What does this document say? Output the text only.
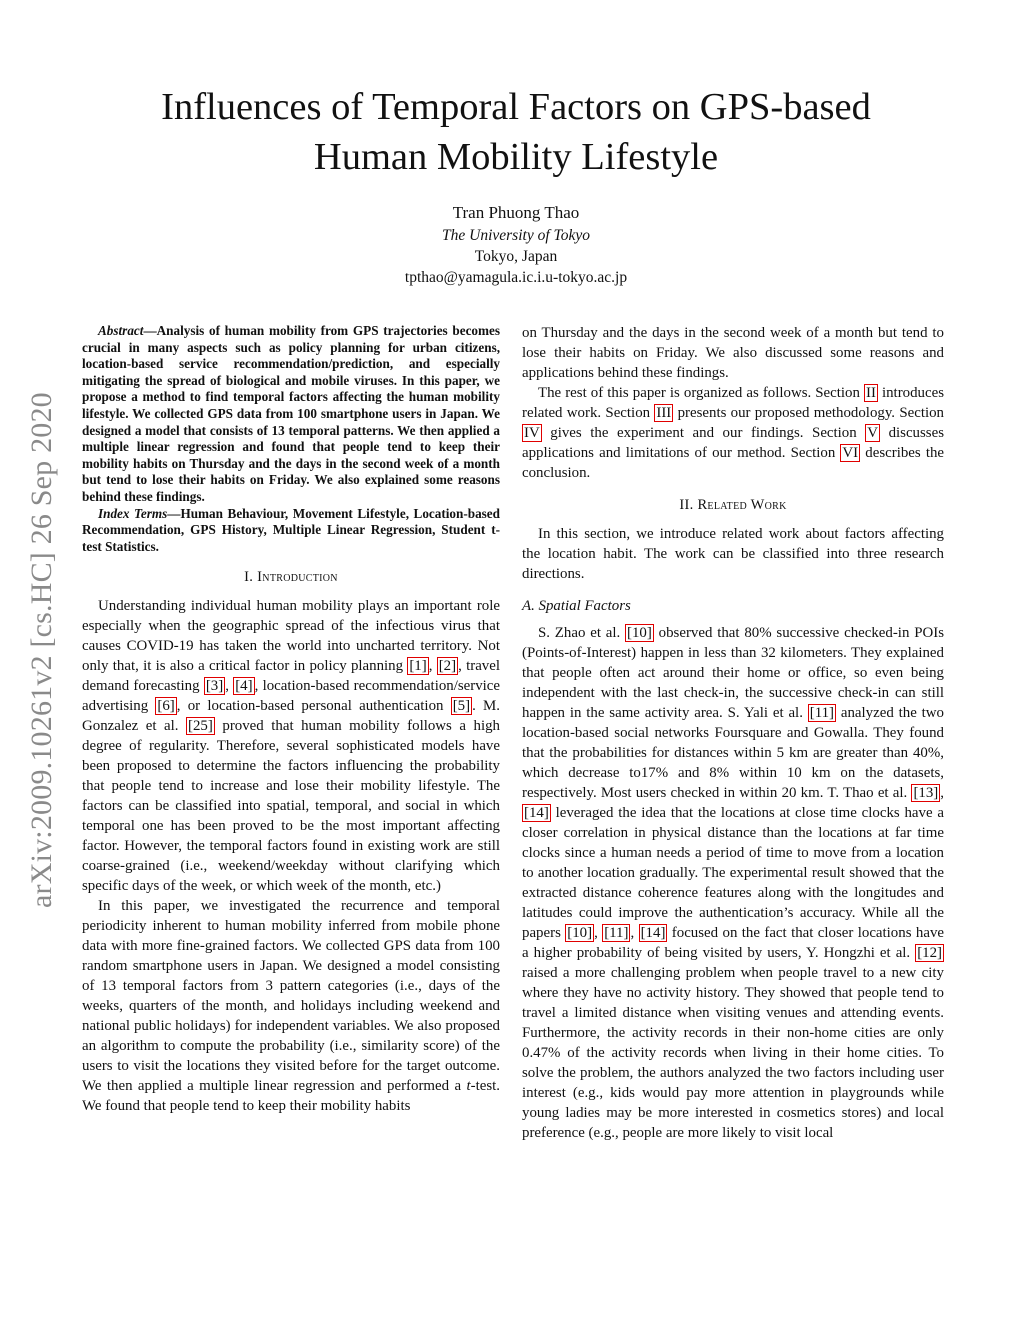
arXiv:2009.10261v2 [cs.HC] 26 Sep 2020
Influences of Temporal Factors on GPS-based
Human Mobility Lifestyle
Tran Phuong Thao
The University of Tokyo
Tokyo, Japan
tpthao@yamagula.ic.i.u-tokyo.ac.jp

Abstract—Analysis of human mobility from GPS trajectories becomes crucial in many aspects such as policy planning for urban citizens, location-based service recommendation/prediction, and especially mitigating the spread of biological and mobile viruses. In this paper, we propose a method to find temporal factors affecting the human mobility lifestyle. We collected GPS data from 100 smartphone users in Japan. We designed a model that consists of 13 temporal patterns. We then applied a multiple linear regression and found that people tend to keep their mobility habits on Thursday and the days in the second week of a month but tend to lose their habits on Friday. We also explained some reasons behind these findings.

Index Terms—Human Behaviour, Movement Lifestyle, Location-based Recommendation, GPS History, Multiple Linear Regression, Student t-test Statistics.

I. Introduction

Understanding individual human mobility plays an important role especially when the geographic spread of the infectious virus that causes COVID-19 has taken the world into uncharted territory. Not only that, it is also a critical factor in policy planning [1] , [2] , travel demand forecasting [3] , [4] , location-based recommendation/service advertising [6] , or location-based personal authentication [5] . M. Gonzalez et al. [25] proved that human mobility follows a high degree of regularity. Therefore, several sophisticated models have been proposed to determine the factors influencing the probability that people tend to increase and lose their mobility lifestyle. The factors can be classified into spatial, temporal, and social in which temporal one has been proved to be the most important affecting factor. However, the temporal factors found in existing work are still coarse-grained (i.e., weekend/weekday without clarifying which specific days of the week, or which week of the month, etc.)

In this paper, we investigated the recurrence and temporal periodicity inherent to human mobility inferred from mobile phone data with more fine-grained factors. We collected GPS data from 100 random smartphone users in Japan. We designed a model consisting of 13 temporal factors from 3 pattern categories (i.e., days of the weeks, quarters of the month, and holidays including weekend and national public holidays) for independent variables. We also proposed an algorithm to compute the probability (i.e., similarity score) of the users to visit the locations they visited before for the target outcome. We then applied a multiple linear regression and performed a t-test. We found that people tend to keep their mobility habits

on Thursday and the days in the second week of a month but tend to lose their habits on Friday. We also discussed some reasons and applications behind these findings.

The rest of this paper is organized as follows. Section II introduces related work. Section III presents our proposed methodology. Section IV gives the experiment and our findings. Section V discusses applications and limitations of our method. Section VI describes the conclusion.

II. Related Work

In this section, we introduce related work about factors affecting the location habit. The work can be classified into three research directions.

A. Spatial Factors

S. Zhao et al. [10] observed that 80% successive checked-in POIs (Points-of-Interest) happen in less than 32 kilometers. They explained that people often act around their home or office, so even being independent with the last check-in, the successive check-in can still happen in the same activity area. S. Yali et al. [11] analyzed the two location-based social networks Foursquare and Gowalla. They found that the probabilities for distances within 5 km are greater than 40%, which decrease to17% and 8% within 10 km on the datasets, respectively. Most users checked in within 20 km. T. Thao et al. [13] , [14] leveraged the idea that the locations at close time clocks have a closer correlation in physical distance than the locations at far time clocks since a human needs a period of time to move from a location to another location gradually. The experimental result showed that the extracted distance coherence features along with the longitudes and latitudes could improve the authentication’s accuracy. While all the papers [10] , [11] , [14] focused on the fact that closer locations have a higher probability of being visited by users, Y. Hongzhi et al. [12] raised a more challenging problem when people travel to a new city where they have no activity history. They showed that people tend to travel a limited distance when visiting venues and attending events. Furthermore, the activity records in their non-home cities are only 0.47% of the activity records when living in their home cities. To solve the problem, the authors analyzed the two factors including user interest (e.g., kids would pay more attention in playgrounds while young ladies may be more interested in cosmetics stores) and local preference (e.g., people are more likely to visit local
